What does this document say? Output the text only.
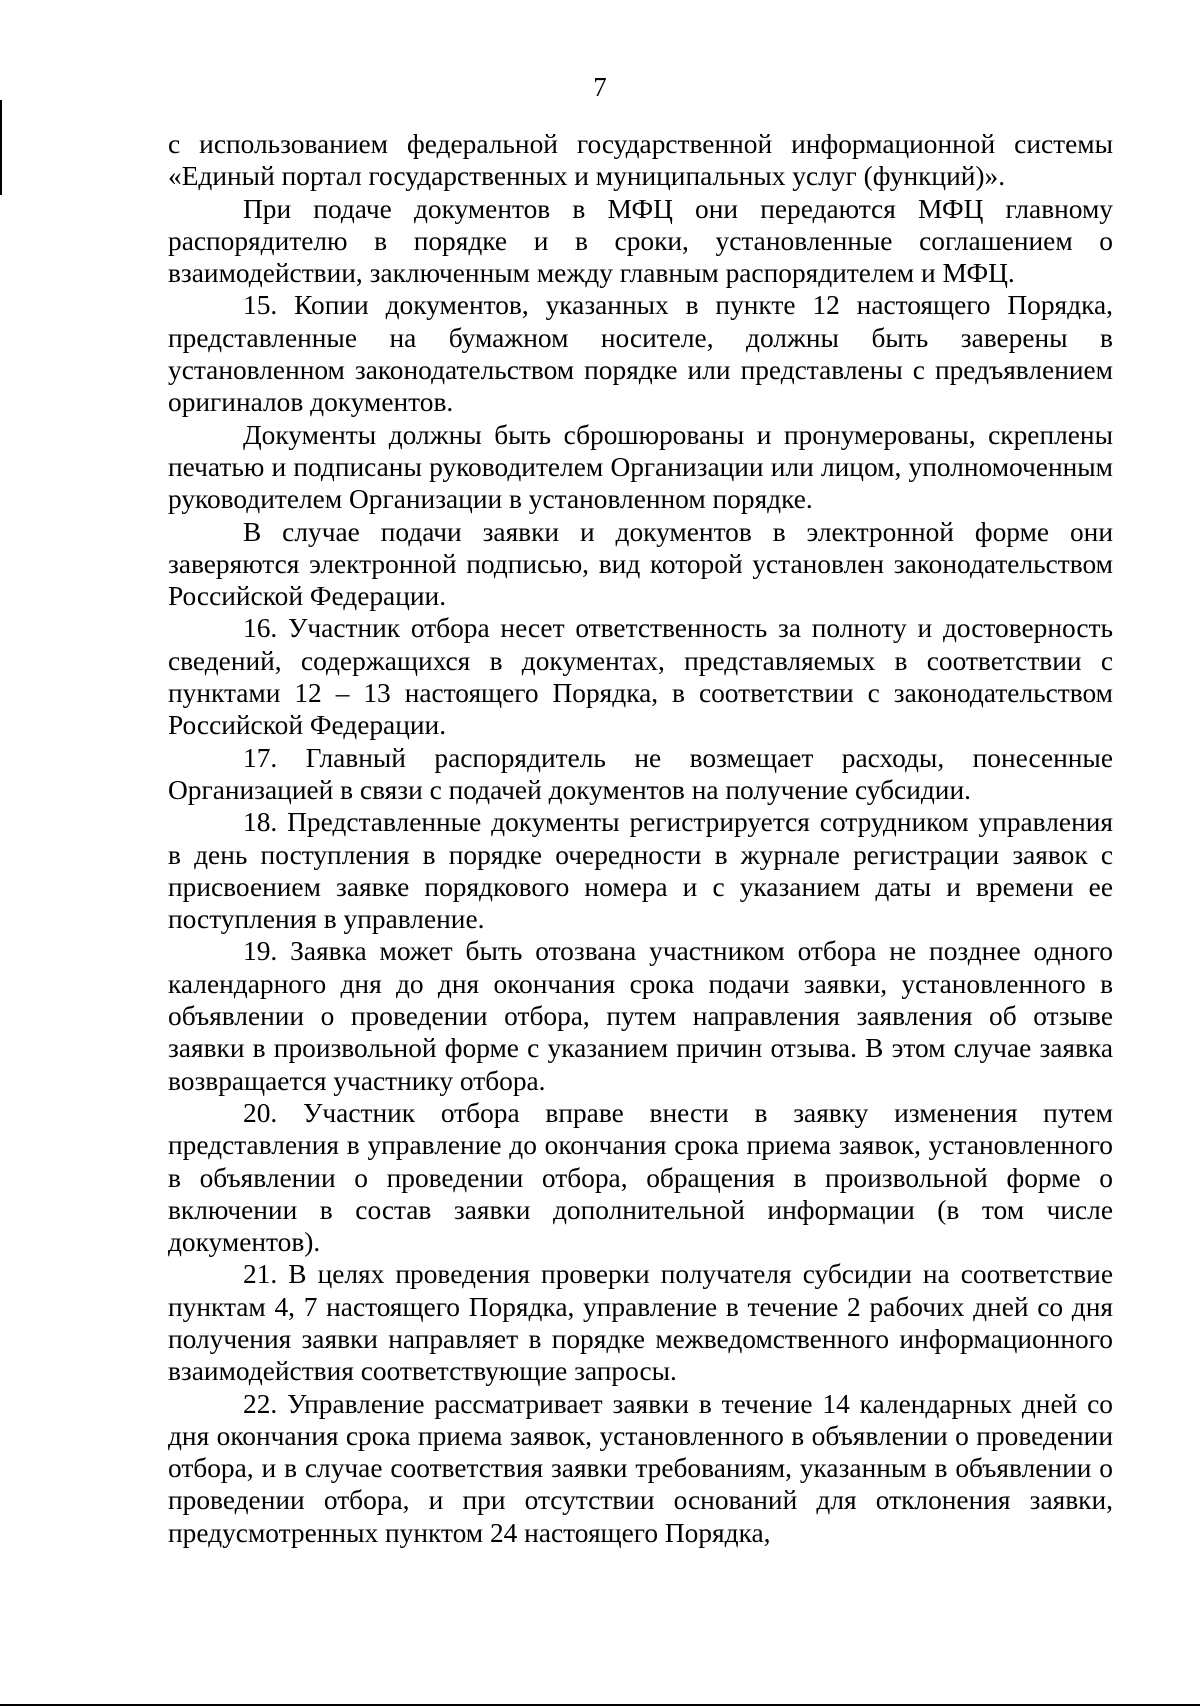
7

с использованием федеральной государственной информационной системы «Единый портал государственных и муниципальных услуг (функций)».

При подаче документов в МФЦ они передаются МФЦ главному распорядителю в порядке и в сроки, установленные соглашением о взаимодействии, заключенным между главным распорядителем и МФЦ.

15. Копии документов, указанных в пункте 12 настоящего Порядка, представленные на бумажном носителе, должны быть заверены в установленном законодательством порядке или представлены с предъявлением оригиналов документов.

Документы должны быть сброшюрованы и пронумерованы, скреплены печатью и подписаны руководителем Организации или лицом, уполномоченным руководителем Организации в установленном порядке.

В случае подачи заявки и документов в электронной форме они заверяются электронной подписью, вид которой установлен законодательством Российской Федерации.

16. Участник отбора несет ответственность за полноту и достоверность сведений, содержащихся в документах, представляемых в соответствии с пунктами 12 – 13 настоящего Порядка, в соответствии с законодательством Российской Федерации.

17. Главный распорядитель не возмещает расходы, понесенные Организацией в связи с подачей документов на получение субсидии.

18. Представленные документы регистрируется сотрудником управления в день поступления в порядке очередности в журнале регистрации заявок с присвоением заявке порядкового номера и с указанием даты и времени ее поступления в управление.

19. Заявка может быть отозвана участником отбора не позднее одного календарного дня до дня окончания срока подачи заявки, установленного в объявлении о проведении отбора, путем направления заявления об отзыве заявки в произвольной форме с указанием причин отзыва. В этом случае заявка возвращается участнику отбора.

20. Участник отбора вправе внести в заявку изменения путем представления в управление до окончания срока приема заявок, установленного в объявлении о проведении отбора, обращения в произвольной форме о включении в состав заявки дополнительной информации (в том числе документов).

21. В целях проведения проверки получателя субсидии на соответствие пунктам 4, 7 настоящего Порядка, управление в течение 2 рабочих дней со дня получения заявки направляет в порядке межведомственного информационного взаимодействия соответствующие запросы.

22. Управление рассматривает заявки в течение 14 календарных дней со дня окончания срока приема заявок, установленного в объявлении о проведении отбора, и в случае соответствия заявки требованиям, указанным в объявлении о проведении отбора, и при отсутствии оснований для отклонения заявки, предусмотренных пунктом 24 настоящего Порядка,
